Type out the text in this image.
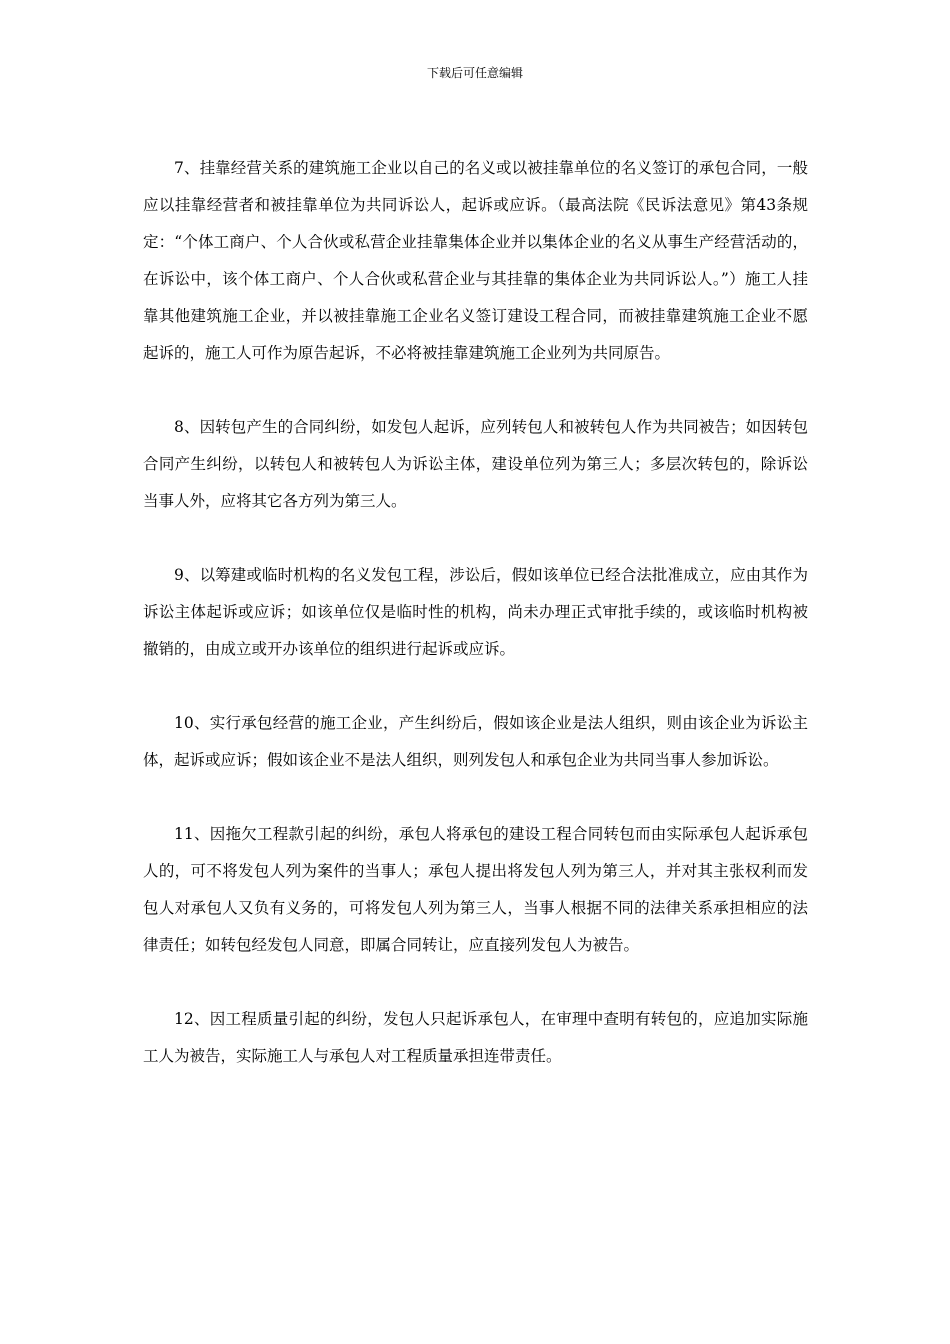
下载后可任意编辑

7、挂靠经营关系的建筑施工企业以自己的名义或以被挂靠单位的名义签订的承包合同，一般应以挂靠经营者和被挂靠单位为共同诉讼人，起诉或应诉。（最高法院《民诉法意见》第43条规定：“个体工商户、个人合伙或私营企业挂靠集体企业并以集体企业的名义从事生产经营活动的，在诉讼中，该个体工商户、个人合伙或私营企业与其挂靠的集体企业为共同诉讼人。”）施工人挂靠其他建筑施工企业，并以被挂靠施工企业名义签订建设工程合同，而被挂靠建筑施工企业不愿起诉的，施工人可作为原告起诉，不必将被挂靠建筑施工企业列为共同原告。

8、因转包产生的合同纠纷，如发包人起诉，应列转包人和被转包人作为共同被告；如因转包合同产生纠纷，以转包人和被转包人为诉讼主体，建设单位列为第三人；多层次转包的，除诉讼当事人外，应将其它各方列为第三人。

9、以筹建或临时机构的名义发包工程，涉讼后，假如该单位已经合法批准成立，应由其作为诉讼主体起诉或应诉；如该单位仅是临时性的机构，尚未办理正式审批手续的，或该临时机构被撤销的，由成立或开办该单位的组织进行起诉或应诉。

10、实行承包经营的施工企业，产生纠纷后，假如该企业是法人组织，则由该企业为诉讼主体，起诉或应诉；假如该企业不是法人组织，则列发包人和承包企业为共同当事人参加诉讼。

11、因拖欠工程款引起的纠纷，承包人将承包的建设工程合同转包而由实际承包人起诉承包人的，可不将发包人列为案件的当事人；承包人提出将发包人列为第三人，并对其主张权利而发包人对承包人又负有义务的，可将发包人列为第三人，当事人根据不同的法律关系承担相应的法律责任；如转包经发包人同意，即属合同转让，应直接列发包人为被告。

12、因工程质量引起的纠纷，发包人只起诉承包人，在审理中查明有转包的，应追加实际施工人为被告，实际施工人与承包人对工程质量承担连带责任。
